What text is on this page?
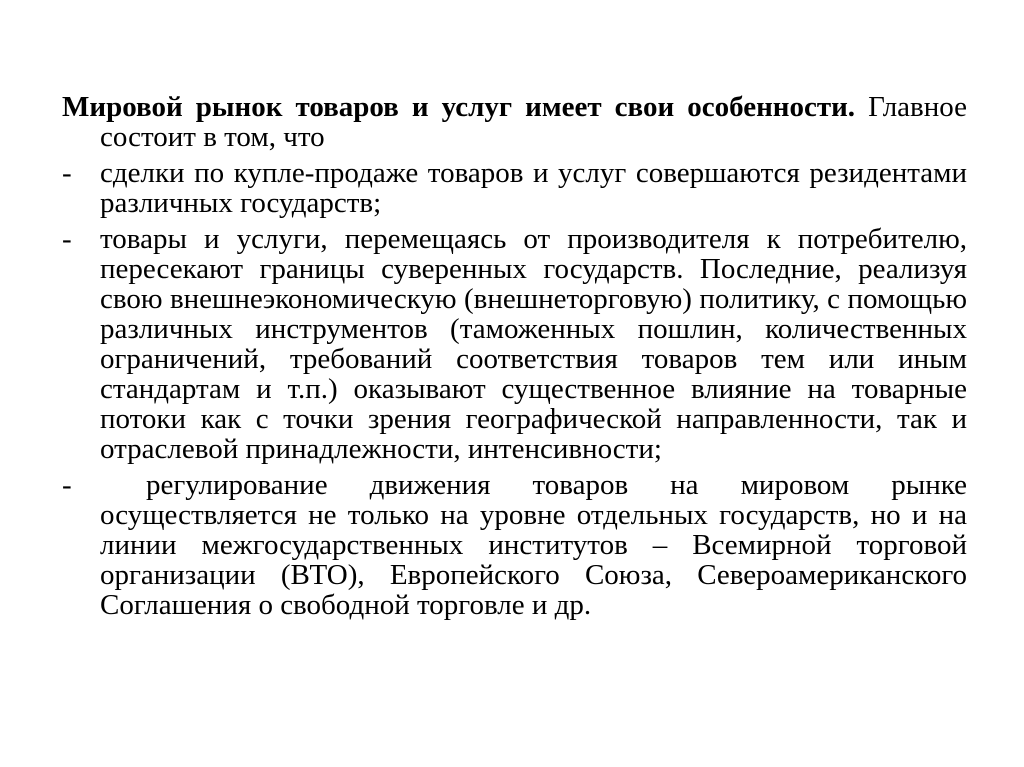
Мировой рынок товаров и услуг имеет свои особенности. Главное состоит в том, что

- сделки по купле-продаже товаров и услуг совершаются резидентами различных государств;
- товары и услуги, перемещаясь от производителя к потребителю, пересекают границы суверенных государств. Последние, реализуя свою внешнеэкономическую (внешнеторговую) политику, с помощью различных инструментов (таможенных пошлин, количественных ограничений, требований соответствия товаров тем или иным стандартам и т.п.) оказывают существенное влияние на товарные потоки как с точки зрения географической направленности, так и отраслевой принадлежности, интенсивности;
-	регулирование движения товаров на мировом рынке осуществляется не только на уровне отдельных государств, но и на линии межгосударственных институтов – Всемирной торговой организации (ВТО), Европейского Союза, Североамериканского Соглашения о свободной торговле и др.
